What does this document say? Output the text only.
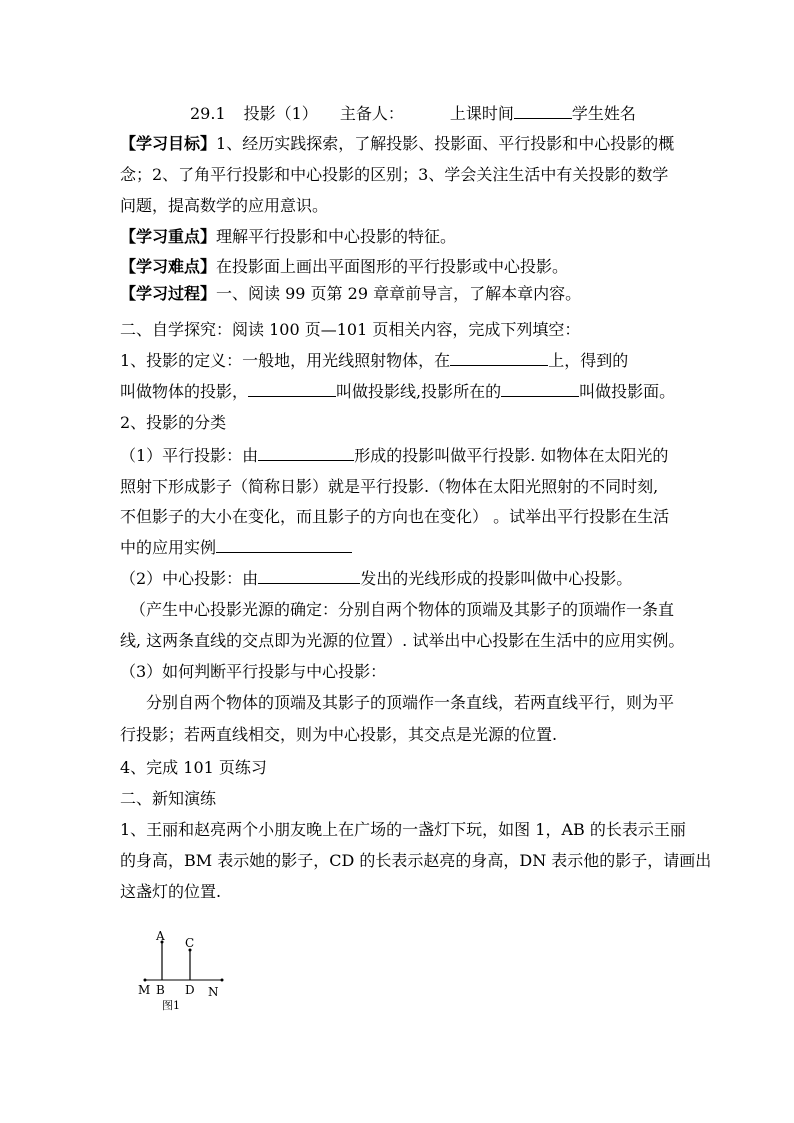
29.1 投影（1） 主备人：	上课时间	学生姓名
【学习目标】1、经历实践探索，了解投影、投影面、平行投影和中心投影的概
念；2、了角平行投影和中心投影的区别；3、学会关注生活中有关投影的数学
问题，提高数学的应用意识。
【学习重点】理解平行投影和中心投影的特征。
【学习难点】在投影面上画出平面图形的平行投影或中心投影。
【学习过程】一、阅读 99 页第 29 章章前导言，了解本章内容。
二、自学探究：阅读 100 页—101 页相关内容，完成下列填空：
1、投影的定义：一般地，用光线照射物体，在	上，得到的
叫做物体的投影，	叫做投影线,投影所在的	叫做投影面。
2、投影的分类
（1）平行投影：由	形成的投影叫做平行投影. 如物体在太阳光的
照射下形成影子（简称日影）就是平行投影.（物体在太阳光照射的不同时刻,
不但影子的大小在变化，而且影子的方向也在变化） 。试举出平行投影在生活
中的应用实例
（2）中心投影：由	发出的光线形成的投影叫做中心投影。
（产生中心投影光源的确定：分别自两个物体的顶端及其影子的顶端作一条直
线, 这两条直线的交点即为光源的位置）. 试举出中心投影在生活中的应用实例。
（3）如何判断平行投影与中心投影：
分别自两个物体的顶端及其影子的顶端作一条直线，若两直线平行，则为平
行投影；若两直线相交，则为中心投影，其交点是光源的位置.
4、完成 101 页练习
二、新知演练
1、王丽和赵亮两个小朋友晚上在广场的一盏灯下玩，如图 1，AB 的长表示王丽
的身高，BM 表示她的影子，CD 的长表示赵亮的身高，DN 表示他的影子，请画出
这盏灯的位置.
A C
M B D N
图1
